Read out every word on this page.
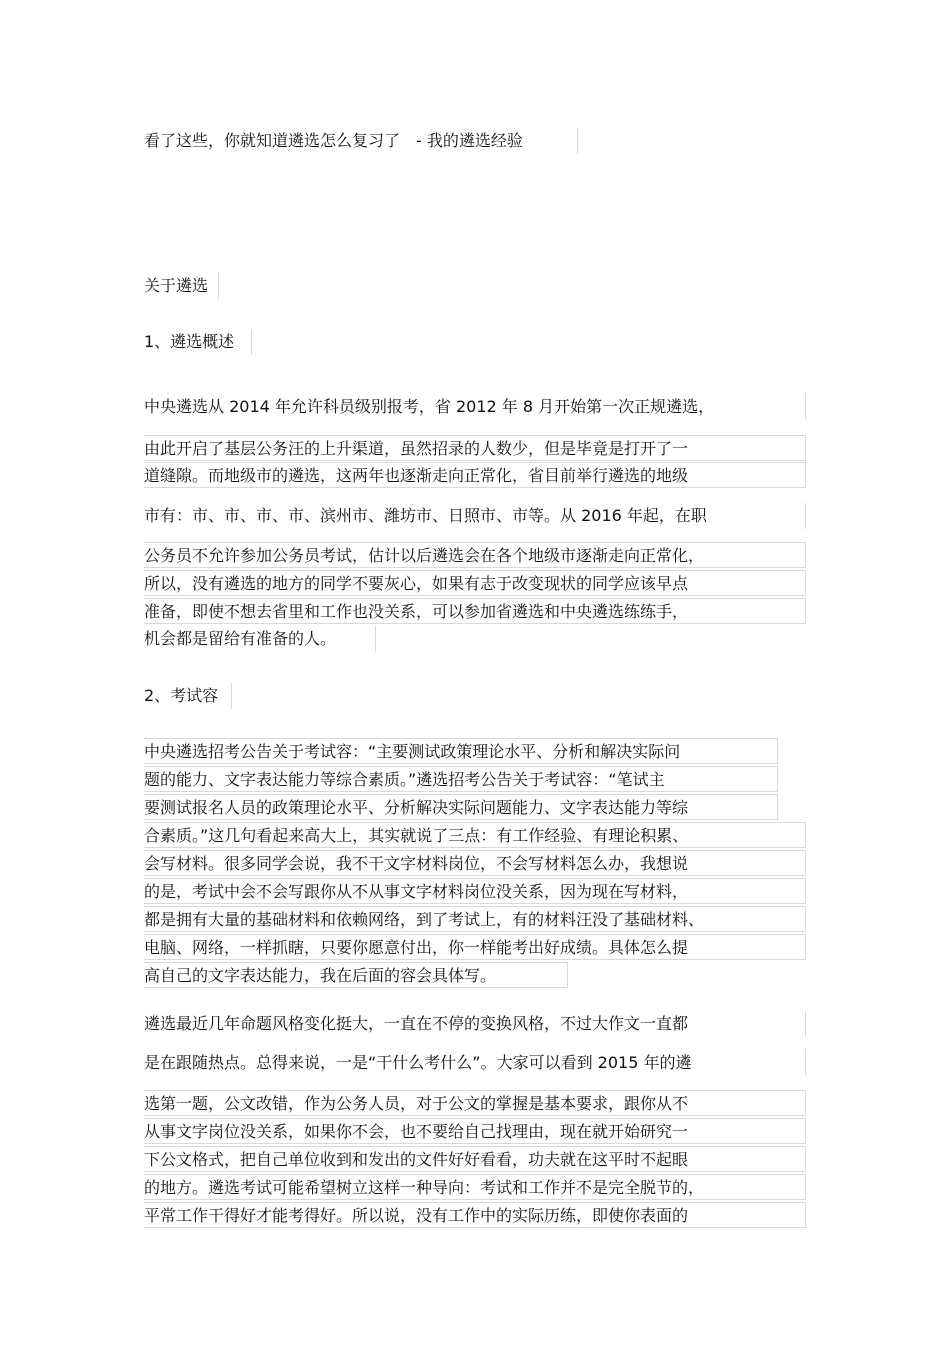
看了这些，你就知道遴选怎么复习了　- 我的遴选经验
关于遴选
1、遴选概述
中央遴选从 2014 年允许科员级别报考，省 2012 年 8 月开始第一次正规遴选，
由此开启了基层公务汪的上升渠道，虽然招录的人数少，但是毕竟是打开了一
道缝隙。而地级市的遴选，这两年也逐渐走向正常化，省目前举行遴选的地级
市有：市、市、市、市、滨州市、潍坊市、日照市、市等。从 2016 年起，在职
公务员不允许参加公务员考试，估计以后遴选会在各个地级市逐渐走向正常化，
所以，没有遴选的地方的同学不要灰心，如果有志于改变现状的同学应该早点
准备，即使不想去省里和工作也没关系，可以参加省遴选和中央遴选练练手，
机会都是留给有准备的人。
2、考试容
中央遴选招考公告关于考试容：“主要测试政策理论水平、分析和解决实际问
题的能力、文字表达能力等综合素质。”遴选招考公告关于考试容：“笔试主
要测试报名人员的政策理论水平、分析解决实际问题能力、文字表达能力等综
合素质。”这几句看起来高大上，其实就说了三点：有工作经验、有理论积累、
会写材料。很多同学会说，我不干文字材料岗位，不会写材料怎么办，我想说
的是，考试中会不会写跟你从不从事文字材料岗位没关系，因为现在写材料，
都是拥有大量的基础材料和依赖网络，到了考试上，有的材料汪没了基础材料、
电脑、网络，一样抓瞎，只要你愿意付出，你一样能考出好成绩。具体怎么提
高自己的文字表达能力，我在后面的容会具体写。
遴选最近几年命题风格变化挺大，一直在不停的变换风格，不过大作文一直都
是在跟随热点。总得来说，一是“干什么考什么”。大家可以看到 2015 年的遴
选第一题，公文改错，作为公务人员，对于公文的掌握是基本要求，跟你从不
从事文字岗位没关系，如果你不会，也不要给自己找理由，现在就开始研究一
下公文格式，把自己单位收到和发出的文件好好看看，功夫就在这平时不起眼
的地方。遴选考试可能希望树立这样一种导向：考试和工作并不是完全脱节的，
平常工作干得好才能考得好。所以说，没有工作中的实际历练，即使你表面的
